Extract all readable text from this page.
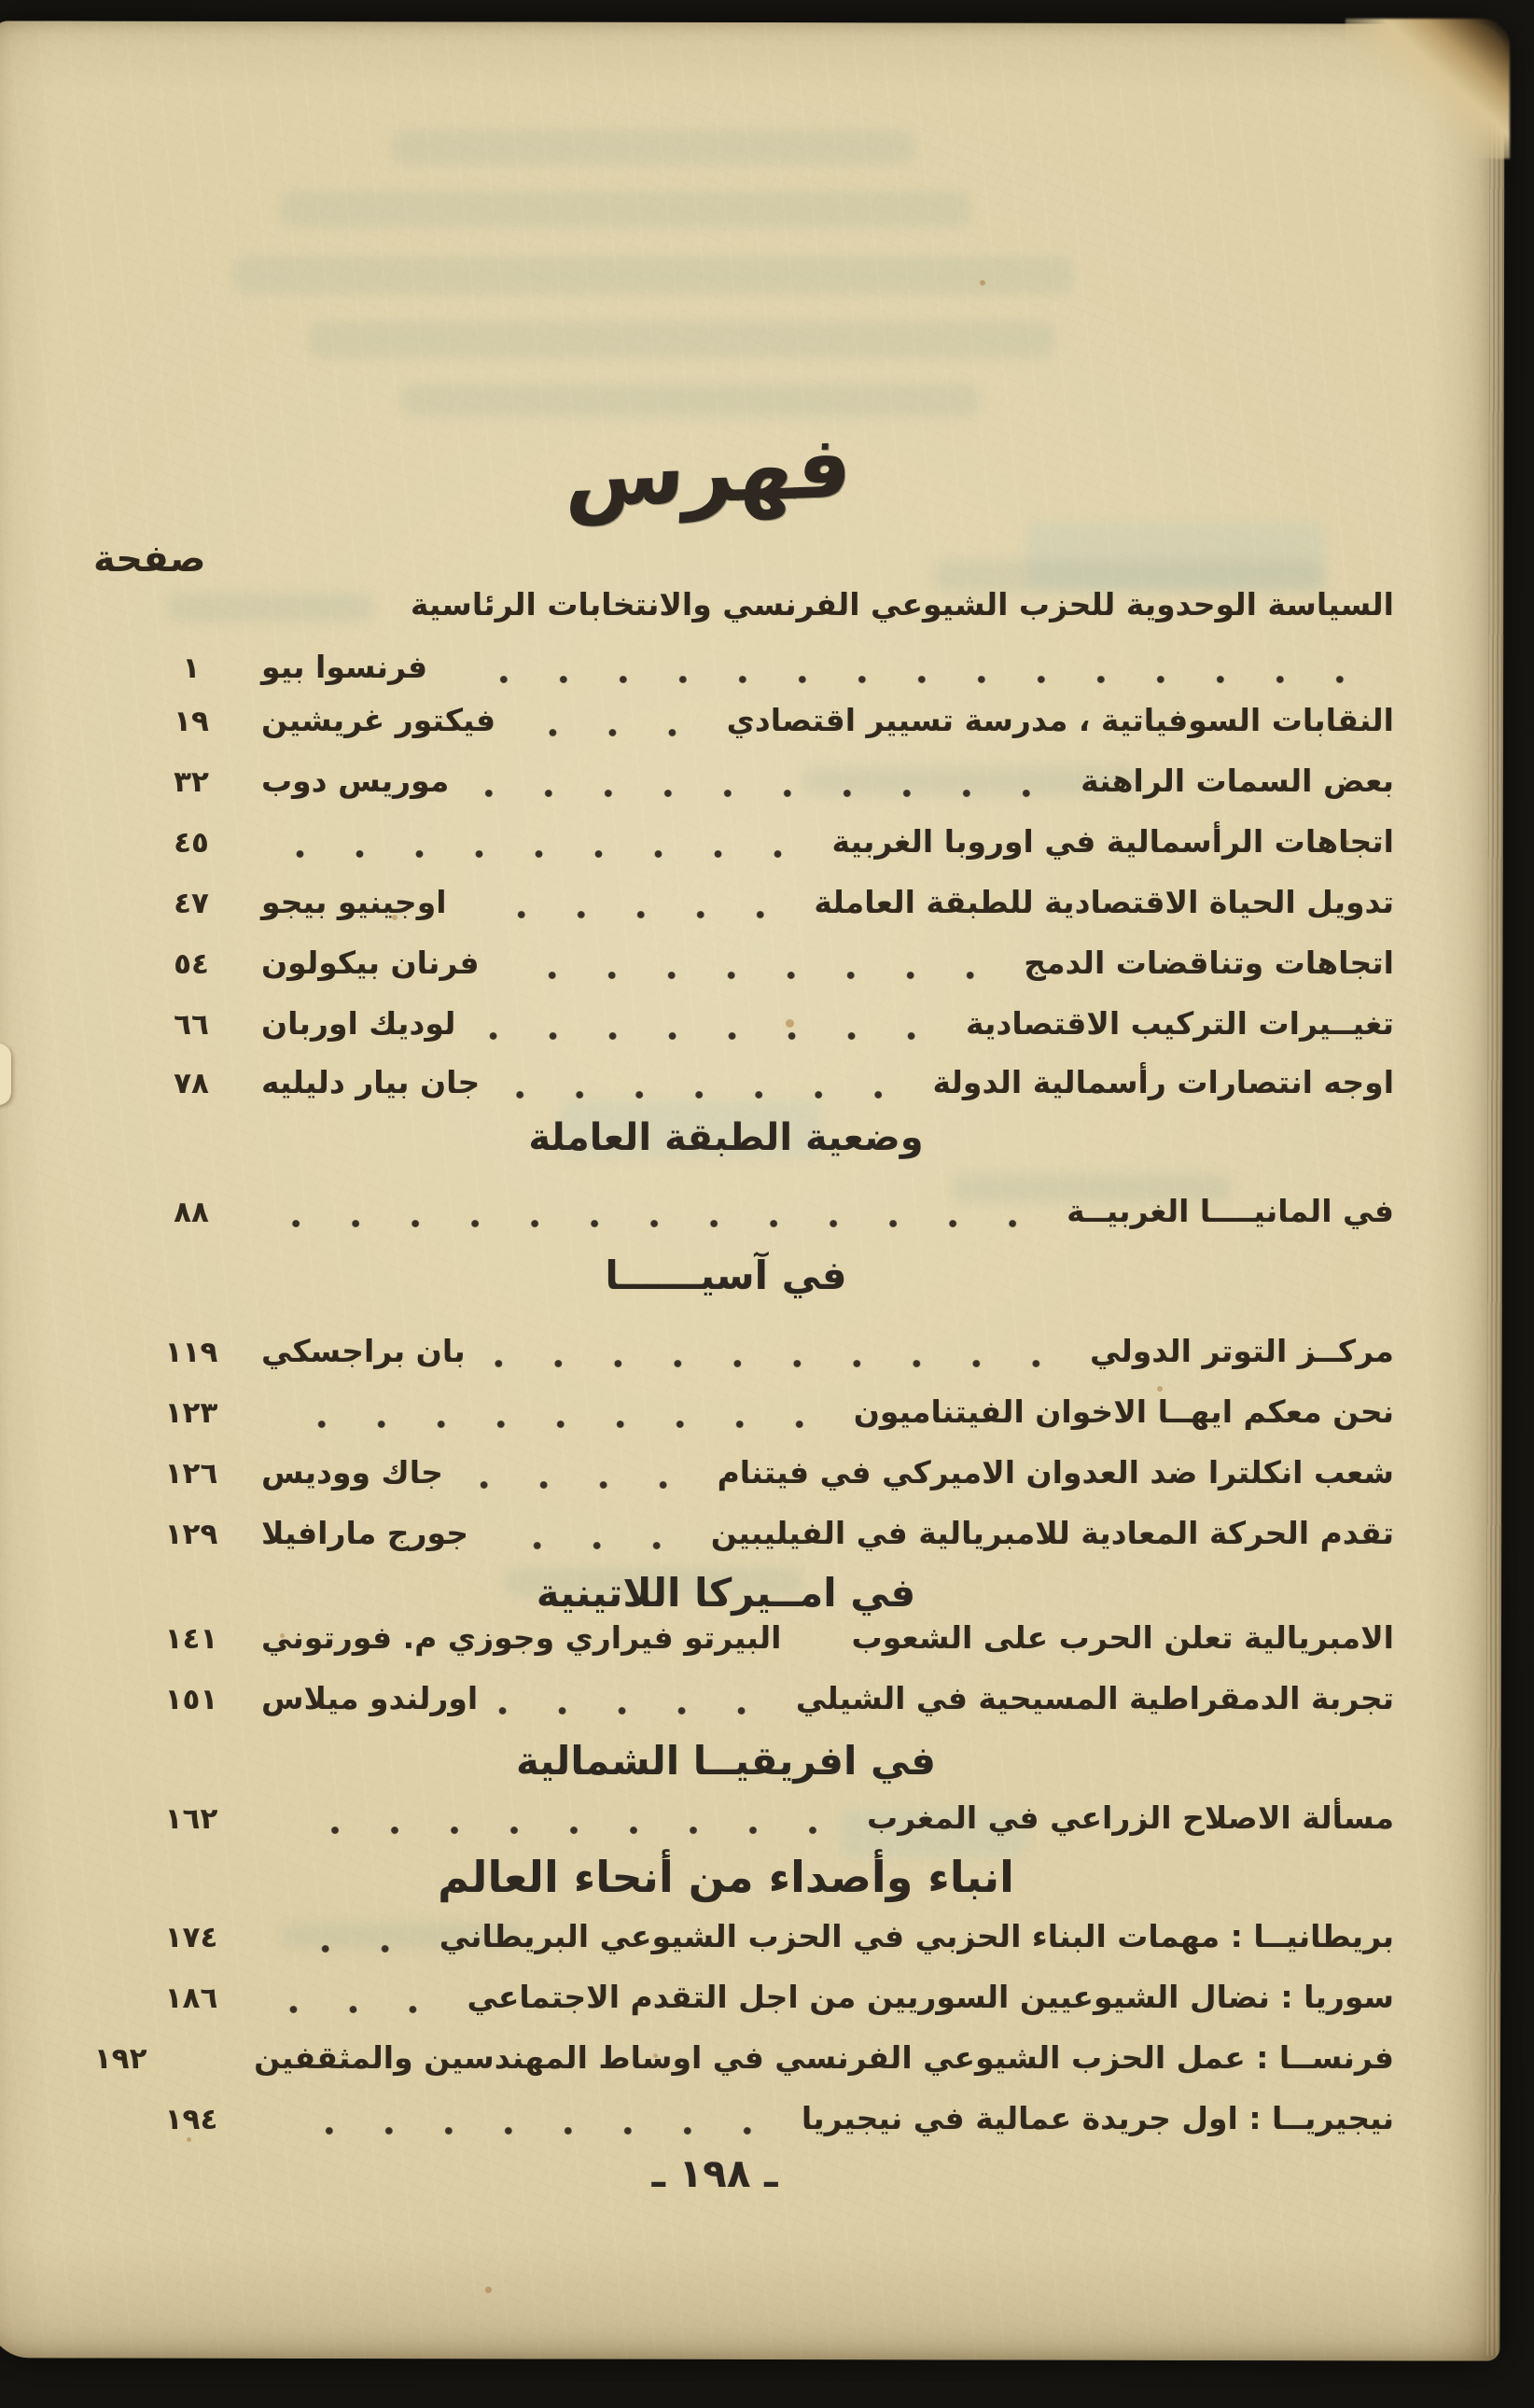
فهرس
صفحة
السياسة الوحدوية للحزب الشيوعي الفرنسي والانتخابات الرئاسية
فرنسوا بيو
١
النقابات السوفياتية ، مدرسة تسيير اقتصادي
فيكتور غريشين
١٩
بعض السمات الراهنة
موريس دوب
٣٢
اتجاهات الرأسمالية في اوروبا الغربية
٤٥
تدويل الحياة الاقتصادية للطبقة العاملة
اوجينيو بيجو
٤٧
اتجاهات وتناقضات الدمج
فرنان بيكولون
٥٤
تغيــيرات التركيب الاقتصادية
لوديك اوربان
٦٦
اوجه انتصارات رأسمالية الدولة
جان بيار دليليه
٧٨
وضعية الطبقة العاملة
في المانيــــا الغربيــة
٨٨
في آسيــــــا
مركــز التوتر الدولي
بان براجسكي
١١٩
نحن معكم ايهــا الاخوان الفيتناميون
١٢٣
شعب انكلترا ضد العدوان الاميركي في فيتنام
جاك ووديس
١٢٦
تقدم الحركة المعادية للامبريالية في الفيليبين
جورج مارافيلا
١٢٩
في امــيركا اللاتينية
الامبريالية تعلن الحرب على الشعوب
البيرتو فيراري وجوزي م. فورتوني
١٤١
تجربة الدمقراطية المسيحية في الشيلي
اورلندو ميلاس
١٥١
في افريقيــا الشمالية
مسألة الاصلاح الزراعي في المغرب
١٦٢
انباء وأصداء من أنحاء العالم
بريطانيــا : مهمات البناء الحزبي في الحزب الشيوعي البريطاني
١٧٤
سوريا : نضال الشيوعيين السوريين من اجل التقدم الاجتماعي
١٨٦
فرنســا : عمل الحزب الشيوعي الفرنسي في اوساط المهندسين والمثقفين
١٩٢
نيجيريــا : اول جريدة عمالية في نيجيريا
١٩٤
ـ ١٩٨ ـ
